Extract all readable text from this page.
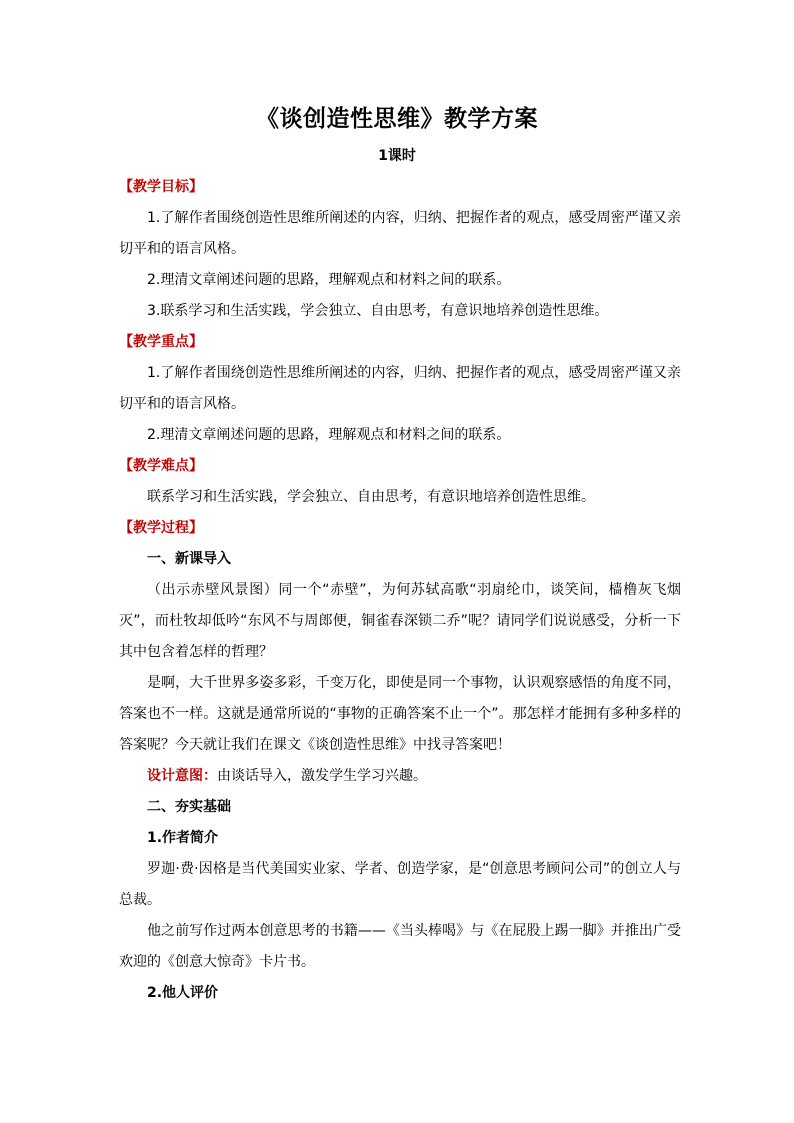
《谈创造性思维》教学方案
1课时
【教学目标】

1.了解作者围绕创造性思维所阐述的内容，归纳、把握作者的观点，感受周密严谨又亲切平和的语言风格。

2.理清文章阐述问题的思路，理解观点和材料之间的联系。

3.联系学习和生活实践，学会独立、自由思考，有意识地培养创造性思维。

【教学重点】

1.了解作者围绕创造性思维所阐述的内容，归纳、把握作者的观点，感受周密严谨又亲切平和的语言风格。

2.理清文章阐述问题的思路，理解观点和材料之间的联系。

【教学难点】

联系学习和生活实践，学会独立、自由思考，有意识地培养创造性思维。

【教学过程】

一、新课导入

（出示赤壁风景图）同一个“赤壁”，为何苏轼高歌“羽扇纶巾，谈笑间，樯橹灰飞烟灭”，而杜牧却低吟“东风不与周郎便，铜雀春深锁二乔”呢？请同学们说说感受，分析一下其中包含着怎样的哲理？

是啊，大千世界多姿多彩，千变万化，即使是同一个事物，认识观察感悟的角度不同，答案也不一样。这就是通常所说的“事物的正确答案不止一个”。那怎样才能拥有多种多样的答案呢？今天就让我们在课文《谈创造性思维》中找寻答案吧！

设计意图：由谈话导入，激发学生学习兴趣。

二、夯实基础

1.作者简介

罗迦·费·因格是当代美国实业家、学者、创造学家，是“创意思考顾问公司”的创立人与总裁。

他之前写作过两本创意思考的书籍——《当头棒喝》与《在屁股上踢一脚》并推出广受欢迎的《创意大惊奇》卡片书。

2.他人评价
